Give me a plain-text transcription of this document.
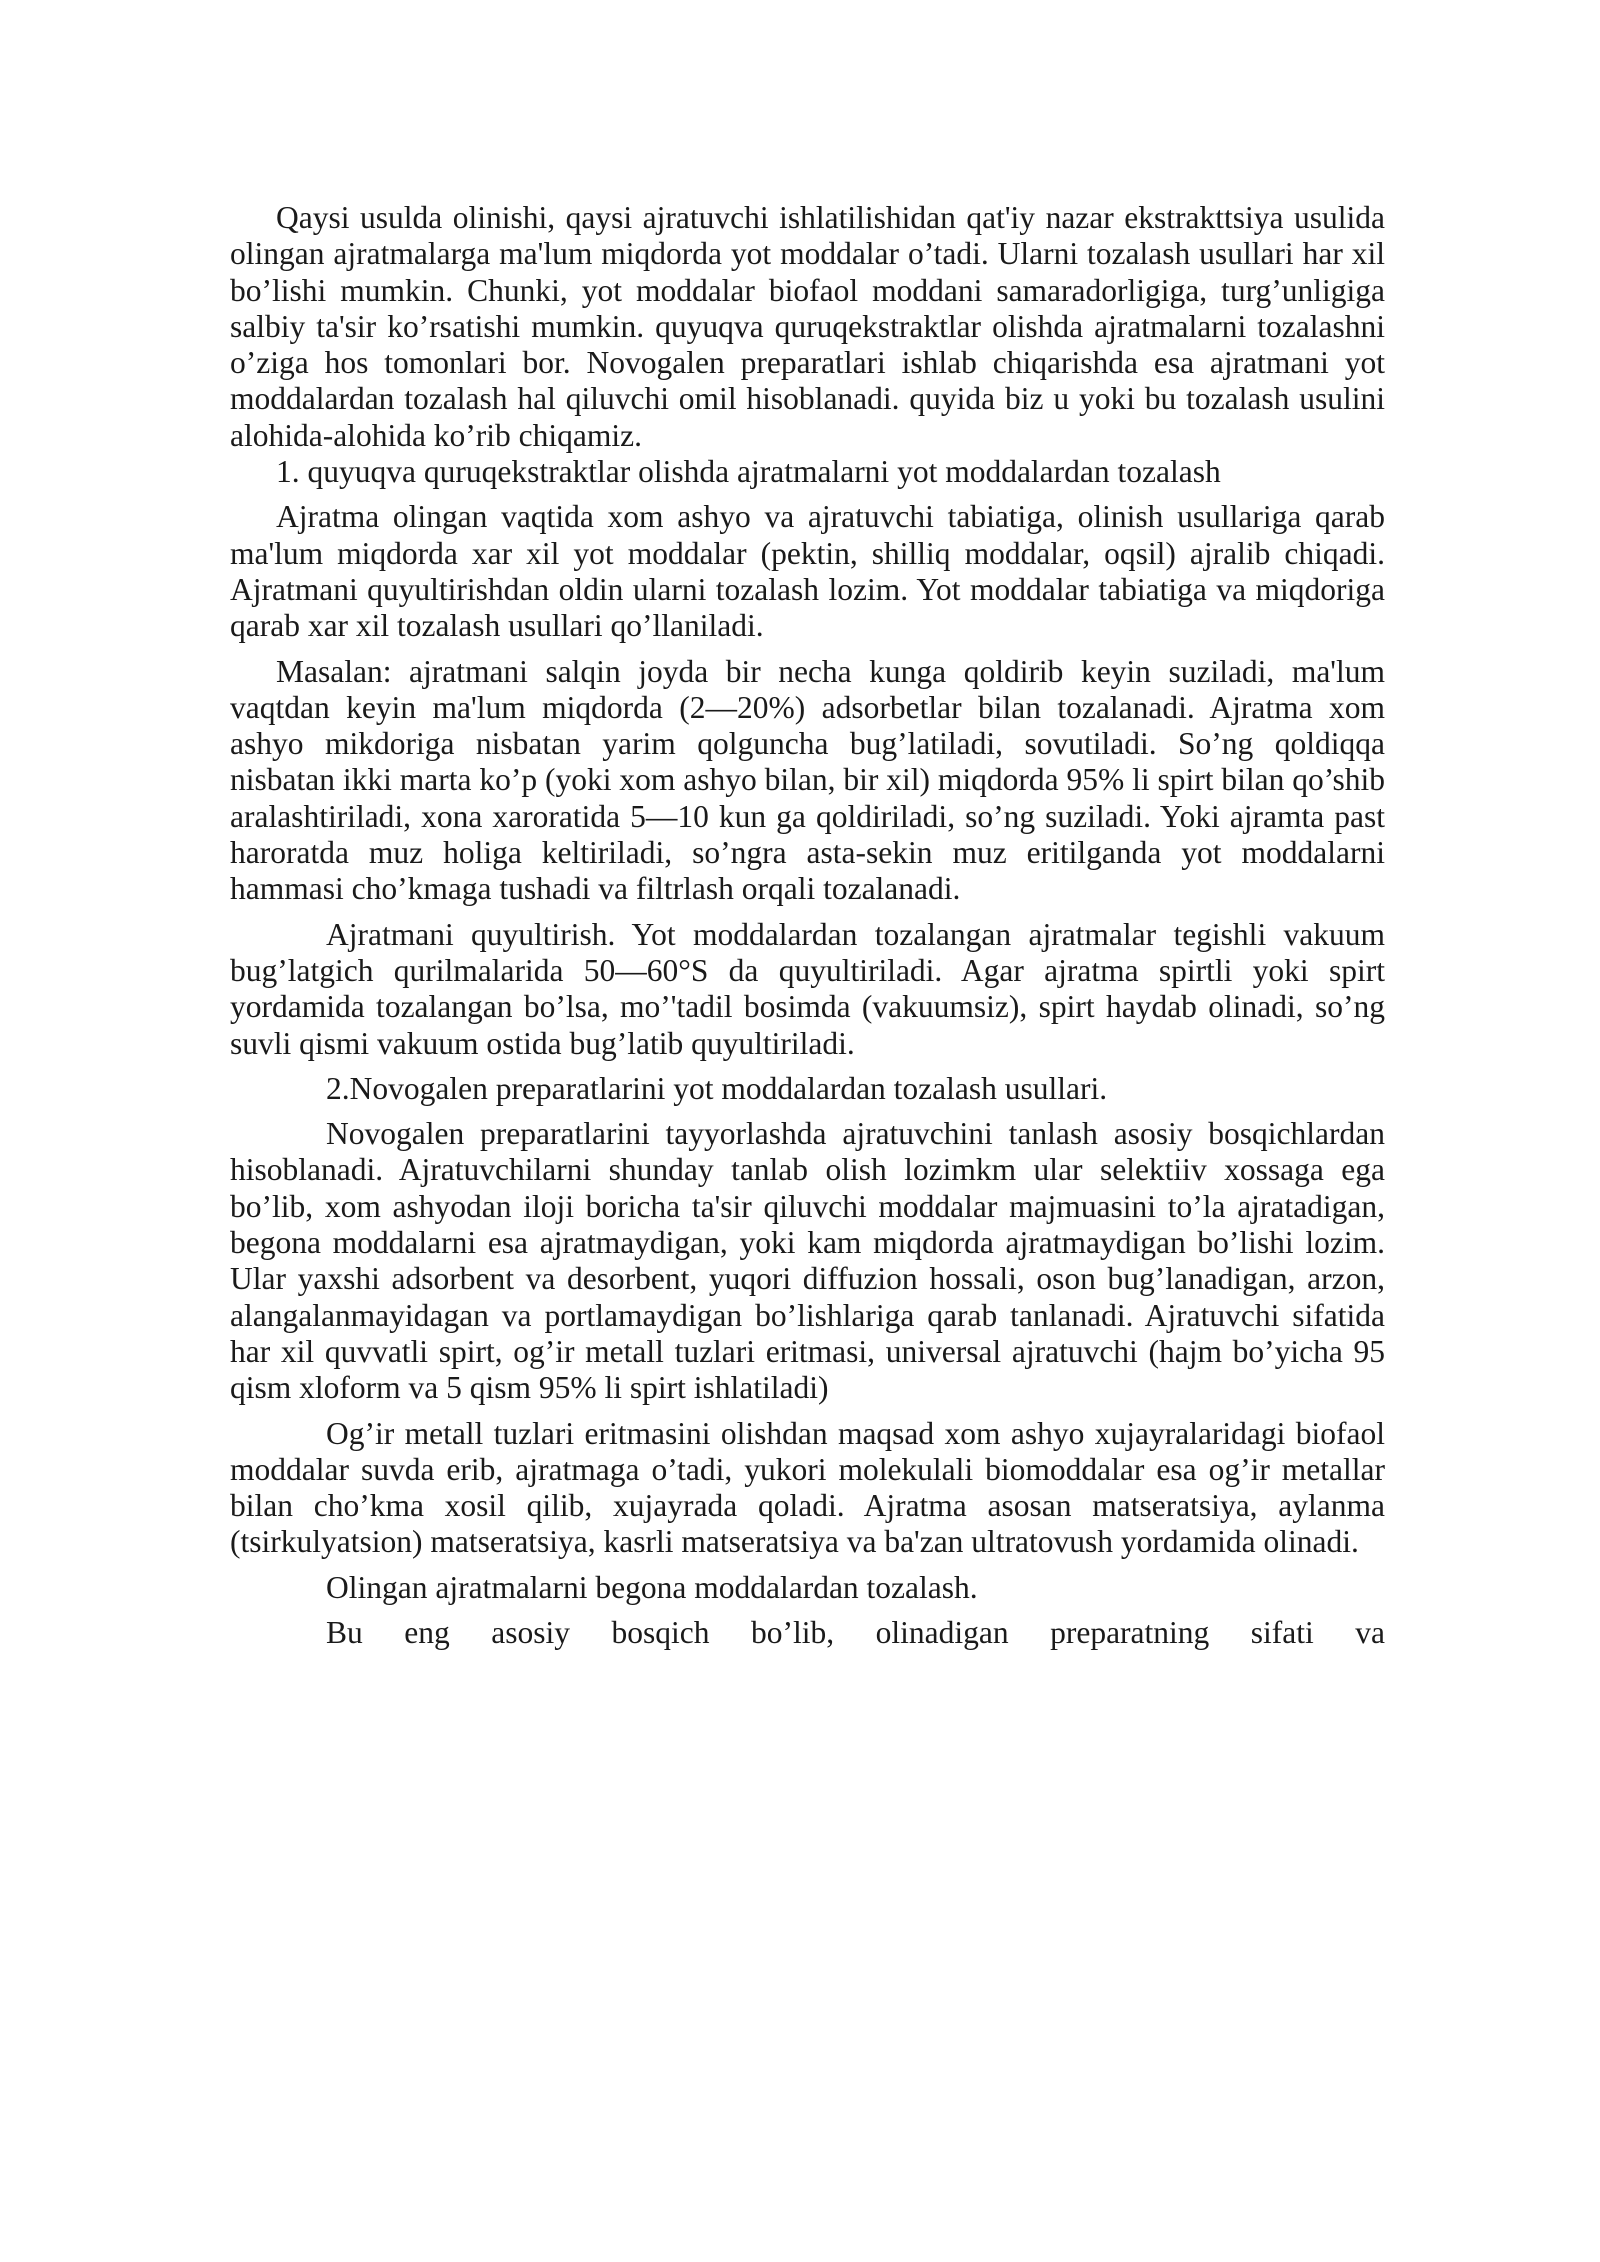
Qaysi usulda olinishi, qaysi ajratuvchi ishlatilishidan qat'iy nazar ekstrakttsiya usulida olingan ajratmalarga ma'lum miqdorda yot moddalar o’tadi. Ularni tozalash usullari har xil bo’lishi mumkin. Chunki, yot moddalar biofaol moddani samaradorligiga, turg’unligiga salbiy ta'sir ko’rsatishi mumkin. quyuqva quruqekstraktlar olishda ajratmalarni tozalashni o’ziga hos tomonlari bor. Novogalen preparatlari ishlab chiqarishda esa ajratmani yot moddalardan tozalash hal qiluvchi omil hisoblanadi. quyida biz u yoki bu tozalash usulini alohida-alohida ko’rib chiqamiz.

1. quyuqva quruqekstraktlar olishda ajratmalarni yot moddalardan tozalash

Ajratma olingan vaqtida xom ashyo va ajratuvchi tabiatiga, olinish usullariga qarab ma'lum miqdorda xar xil yot moddalar (pektin, shilliq moddalar, oqsil) ajralib chiqadi. Ajratmani quyultirishdan oldin ularni tozalash lozim. Yot moddalar tabiatiga va miqdoriga qarab xar xil tozalash usullari qo’llaniladi.

Masalan: ajratmani salqin joyda bir necha kunga qoldirib keyin suziladi, ma'lum vaqtdan keyin ma'lum miqdorda (2—20%) adsorbetlar bilan tozalanadi. Ajratma xom ashyo mikdoriga nisbatan yarim qolguncha bug’latiladi, sovutiladi. So’ng qoldiqqa nisbatan ikki marta ko’p (yoki xom ashyo bilan, bir xil) miqdorda 95% li spirt bilan qo’shib aralashtiriladi, xona xaroratida 5—10 kun ga qoldiriladi, so’ng suziladi. Yoki ajramta past haroratda muz holiga keltiriladi, so’ngra asta-sekin muz eritilganda yot moddalarni hammasi cho’kmaga tushadi va filtrlash orqali tozalanadi.

Ajratmani quyultirish. Yot moddalardan tozalangan ajratmalar tegishli vakuum bug’latgich qurilmalarida 50—60°S da quyultiriladi. Agar ajratma spirtli yoki spirt yordamida tozalangan bo’lsa, mo’'tadil bosimda (vakuumsiz), spirt haydab olinadi, so’ng suvli qismi vakuum ostida bug’latib quyultiriladi.

2.Novogalen preparatlarini yot moddalardan tozalash usullari.

Novogalen preparatlarini tayyorlashda ajratuvchini tanlash asosiy bosqichlardan hisoblanadi. Ajratuvchilarni shunday tanlab olish lozimkm ular selektiiv xossaga ega bo’lib, xom ashyodan iloji boricha ta'sir qiluvchi moddalar majmuasini to’la ajratadigan, begona moddalarni esa ajratmaydigan, yoki kam miqdorda ajratmaydigan bo’lishi lozim. Ular yaxshi adsorbent va desorbent, yuqori diffuzion hossali, oson bug’lanadigan, arzon, alangalanmayidagan va portlamaydigan bo’lishlariga qarab tanlanadi. Ajratuvchi sifatida har xil quvvatli spirt, og’ir metall tuzlari eritmasi, universal ajratuvchi (hajm bo’yicha 95 qism xloform va 5 qism 95% li spirt ishlatiladi)

Og’ir metall tuzlari eritmasini olishdan maqsad xom ashyo xujayralaridagi biofaol moddalar suvda erib, ajratmaga o’tadi, yukori molekulali biomoddalar esa og’ir metallar bilan cho’kma xosil qilib, xujayrada qoladi. Ajratma asosan matseratsiya, aylanma (tsirkulyatsion) matseratsiya, kasrli matseratsiya va ba'zan ultratovush yordamida olinadi.

Olingan ajratmalarni begona moddalardan tozalash.

Bu eng asosiy bosqich bo’lib, olinadigan preparatning sifati va
